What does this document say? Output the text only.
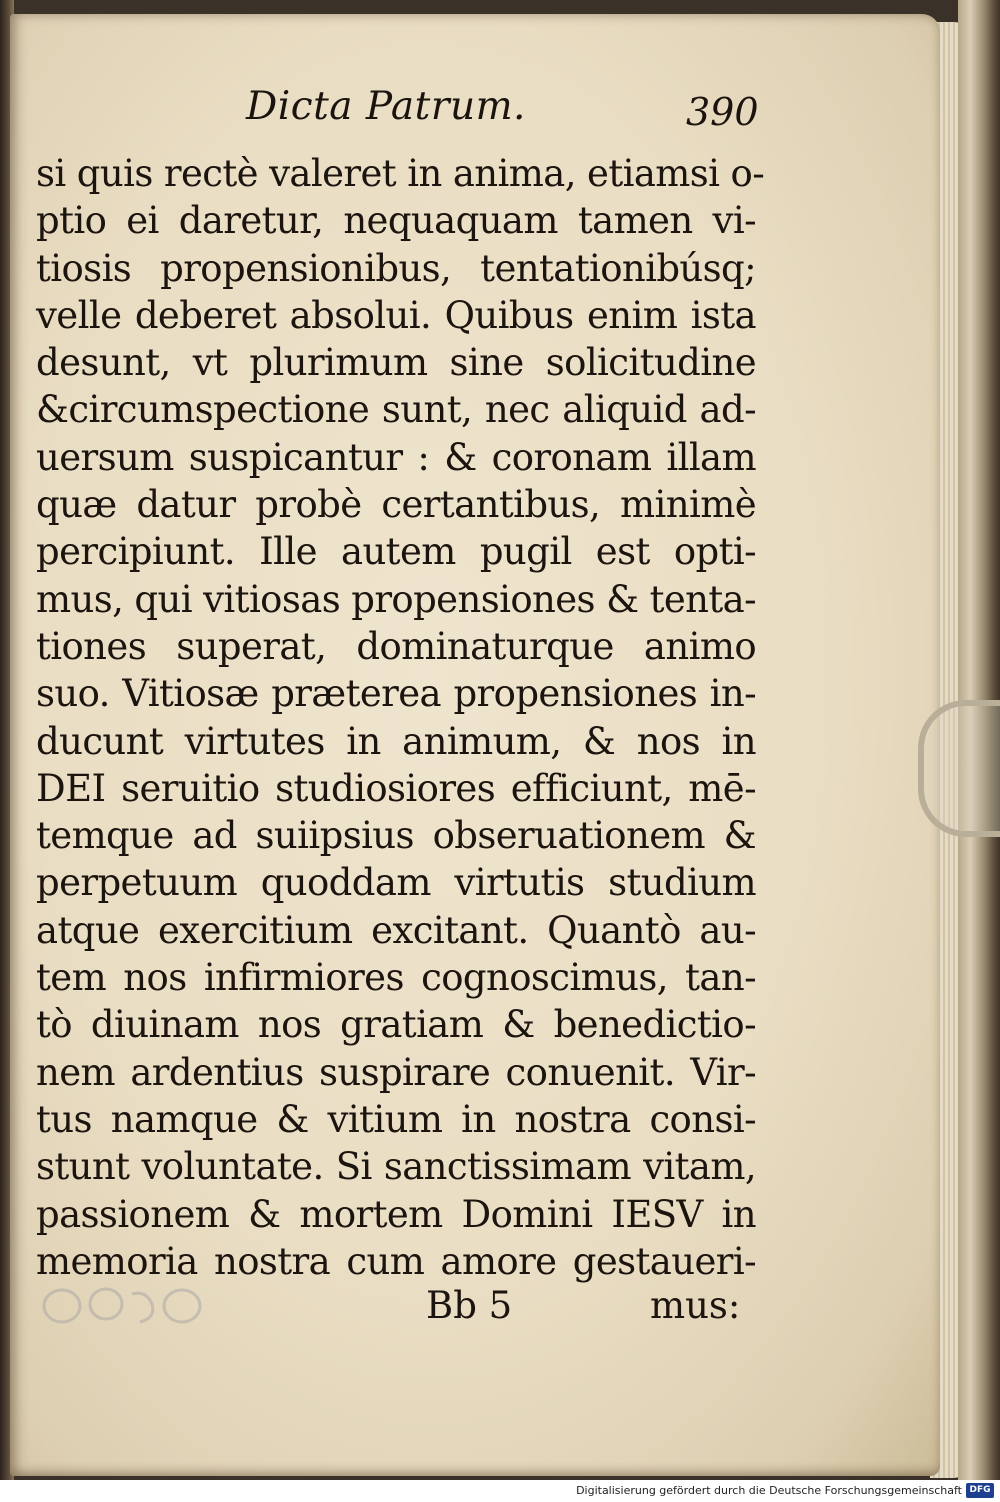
Dicta Patrum.	390
si quis rectè valeret in anima, etiamsi o-
ptio ei daretur, nequaquam tamen vi-
tiosis propensionibus, tentationibúsq;
velle deberet absolui. Quibus enim ista
desunt, vt plurimum sine solicitudine
&circumspectione sunt, nec aliquid ad-
uersum suspicantur : & coronam illam
quæ datur probè certantibus, minimè
percipiunt. Ille autem pugil est opti-
mus, qui vitiosas propensiones & tenta-
tiones superat, dominaturque animo
suo. Vitiosæ præterea propensiones in-
ducunt virtutes in animum, & nos in
DEI seruitio studiosiores efficiunt, mē-
temque ad suiipsius obseruationem &
perpetuum quoddam virtutis studium
atque exercitium excitant. Quantò au-
tem nos infirmiores cognoscimus, tan-
tò diuinam nos gratiam & benedictio-
nem ardentius suspirare conuenit. Vir-
tus namque & vitium in nostra consi-
stunt voluntate. Si sanctissimam vitam,
passionem & mortem Domini IESV in
memoria nostra cum amore gestaueri-
Bb 5	mus:
Digitalisierung gefördert durch die Deutsche Forschungsgemeinschaft DFG
